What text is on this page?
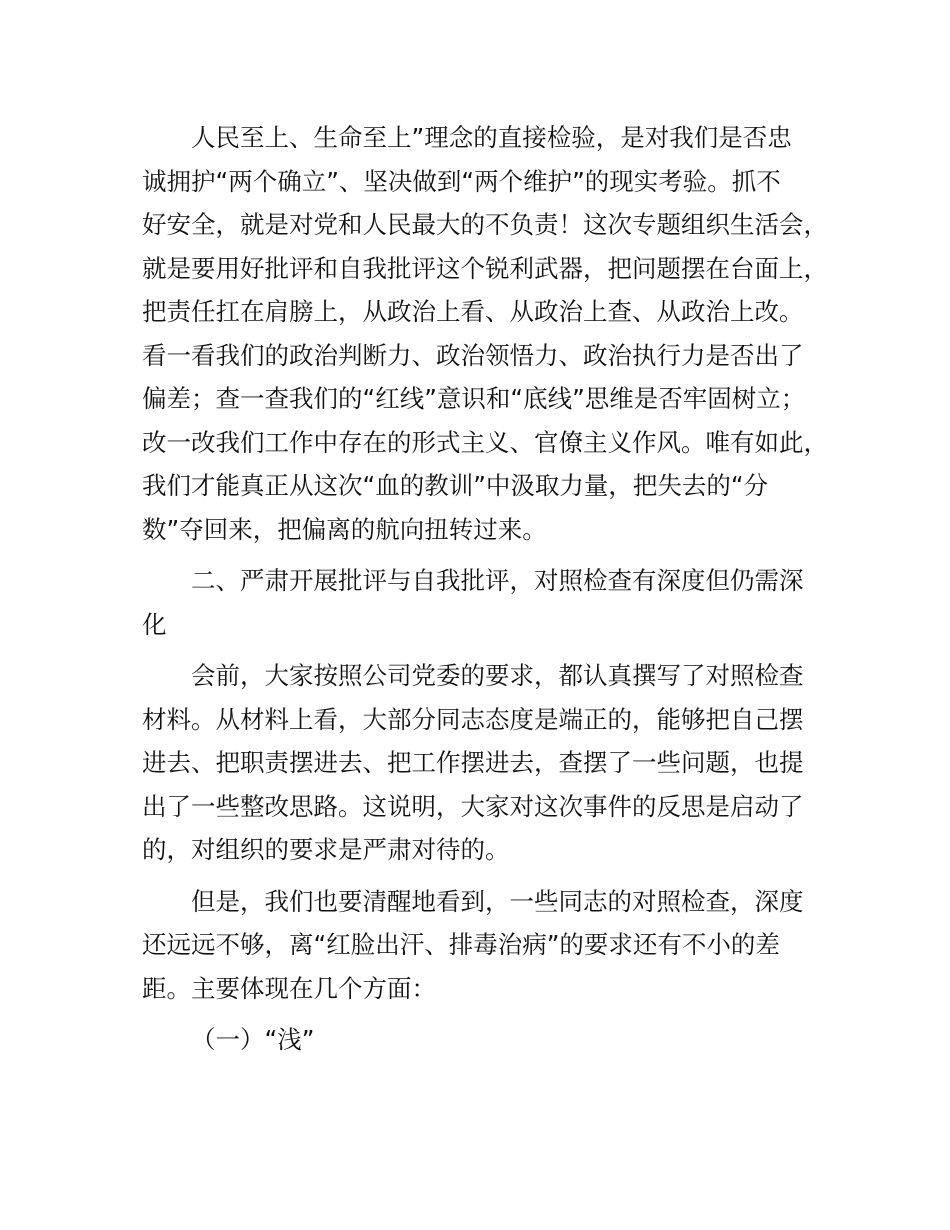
人民至上、生命至上”理念的直接检验，是对我们是否忠
诚拥护“两个确立”、坚决做到“两个维护”的现实考验。抓不
好安全，就是对党和人民最大的不负责！这次专题组织生活会，
就是要用好批评和自我批评这个锐利武器，把问题摆在台面上，
把责任扛在肩膀上，从政治上看、从政治上查、从政治上改。
看一看我们的政治判断力、政治领悟力、政治执行力是否出了
偏差；查一查我们的“红线”意识和“底线”思维是否牢固树立；
改一改我们工作中存在的形式主义、官僚主义作风。唯有如此，
我们才能真正从这次“血的教训”中汲取力量，把失去的“分
数”夺回来，把偏离的航向扭转过来。
二、严肃开展批评与自我批评，对照检查有深度但仍需深
化
会前，大家按照公司党委的要求，都认真撰写了对照检查
材料。从材料上看，大部分同志态度是端正的，能够把自己摆
进去、把职责摆进去、把工作摆进去，查摆了一些问题，也提
出了一些整改思路。这说明，大家对这次事件的反思是启动了
的，对组织的要求是严肃对待的。
但是，我们也要清醒地看到，一些同志的对照检查，深度
还远远不够，离“红脸出汗、排毒治病”的要求还有不小的差
距。主要体现在几个方面：
（一）“浅”
